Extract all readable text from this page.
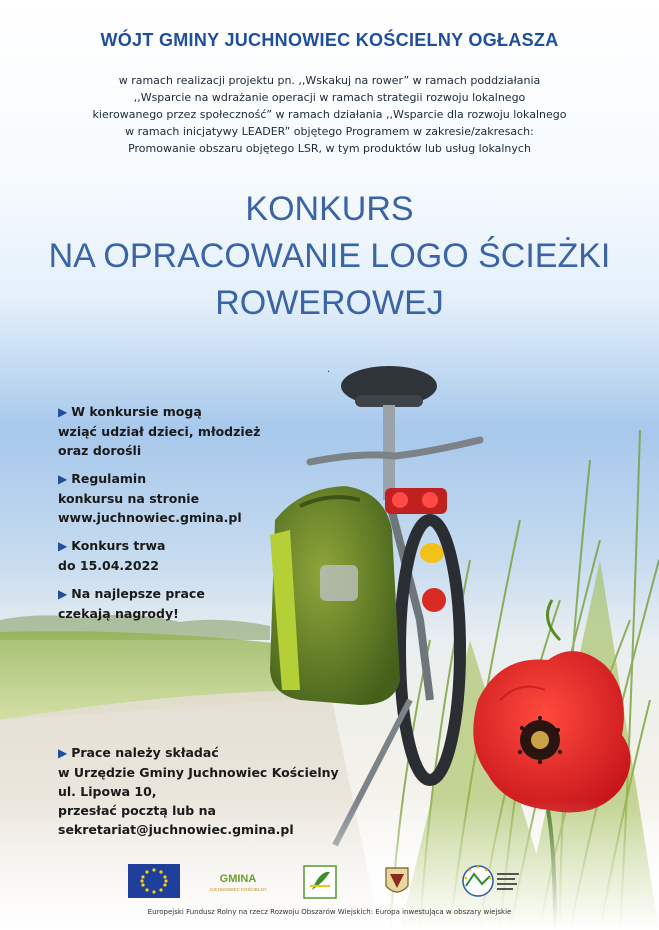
WÓJT GMINY JUCHNOWIEC KOŚCIELNY OGŁASZA
w ramach realizacji projektu pn. ,,Wskakuj na rower” w ramach poddziałania
,,Wsparcie na wdrażanie operacji w ramach strategii rozwoju lokalnego
kierowanego przez społeczność” w ramach działania ,,Wsparcie dla rozwoju lokalnego
w ramach inicjatywy LEADER” objętego Programem w zakresie/zakresach:
Promowanie obszaru objętego LSR, w tym produktów lub usług lokalnych
KONKURS
NA OPRACOWANIE LOGO ŚCIEŻKI
ROWEROWEJ
.

▶ W konkursie mogą
wziąć udział dzieci, młodzież
oraz dorośli

▶ Regulamin
konkursu na stronie
www.juchnowiec.gmina.pl

▶ Konkurs trwa
do 15.04.2022

▶ Na najlepsze prace
czekają nagrody!

▶ Prace należy składać
w Urzędzie Gminy Juchnowiec Kościelny
ul. Lipowa 10,
przesłać pocztą lub na
sekretariat@juchnowiec.gmina.pl
GMINA
JUCHNOWIEC KOŚCIELNY
Europejski Fundusz Rolny na rzecz Rozwoju Obszarów Wiejskich: Europa inwestująca w obszary wiejskie
